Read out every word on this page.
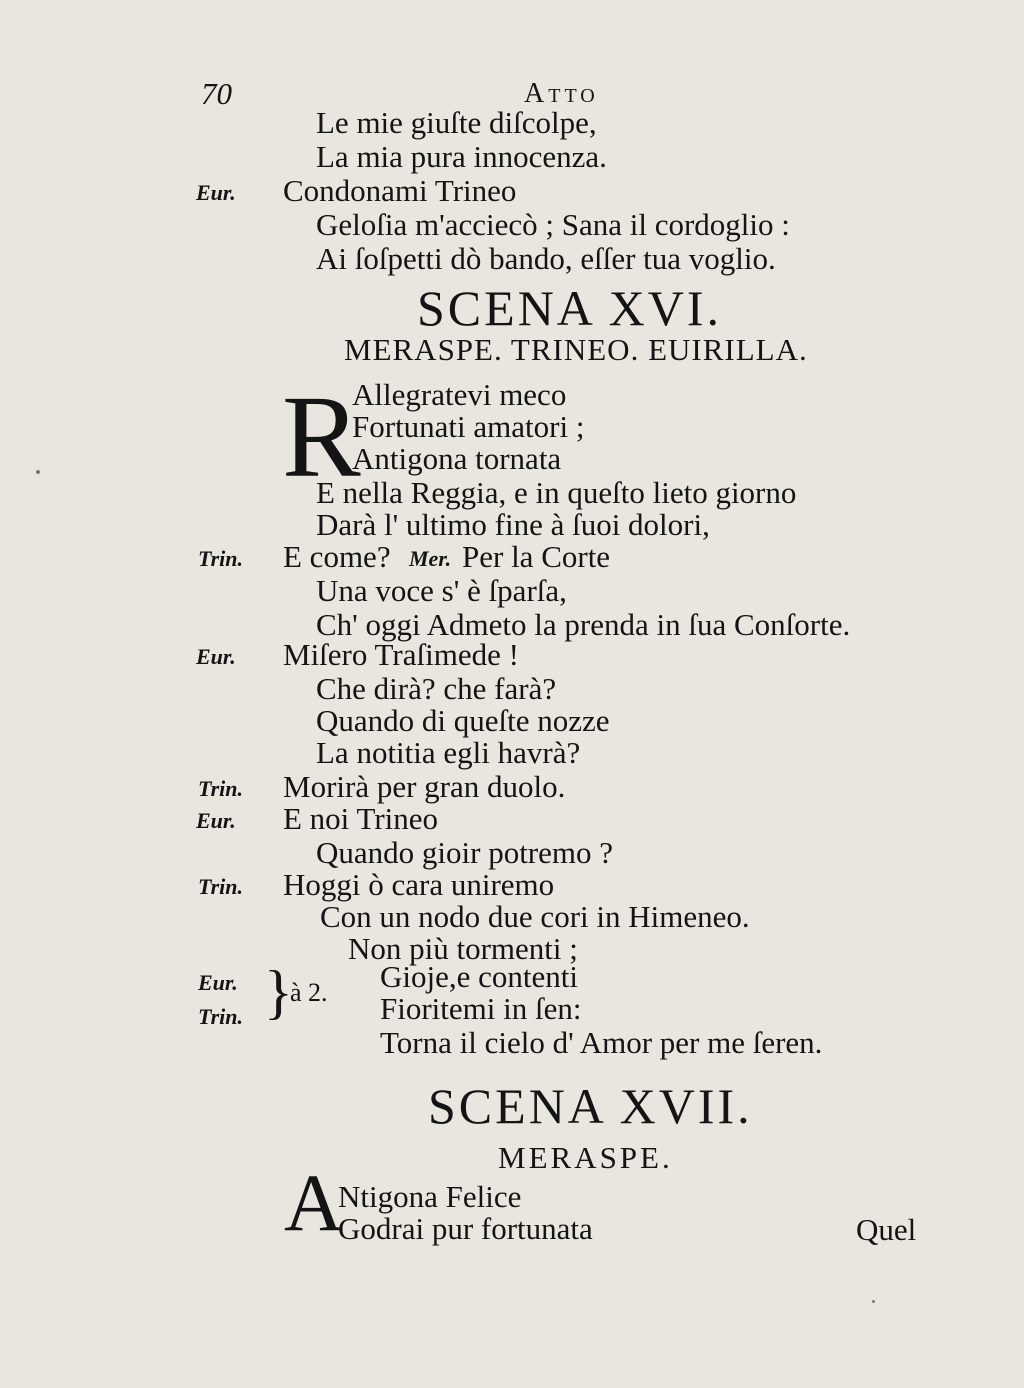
70	Atto
Le mie giuſte diſcolpe,
La mia pura innocenza.
Eur. Condonami Trineo
Geloſia m'acciecò ; Sana il cordoglio :
Ai ſoſpetti dò bando, eſſer tua voglio.
SCENA XVI.
MERASPE. TRINEO. EUIRILLA.
R
Allegratevi meco
Fortunati amatori ;
Antigona tornata
E nella Reggia, e in queſto lieto giorno
Darà l' ultimo fine à ſuoi dolori,
Trin. E come? Mer. Per la Corte
Una voce s' è ſparſa,
Ch' oggi Admeto la prenda in ſua Conſorte.
Eur. Miſero Traſimede !
Che dirà? che farà?
Quando di queſte nozze
La notitia egli havrà?
Trin. Morirà per gran duolo.
Eur. E noi Trineo
Quando gioir potremo ?
Trin. Hoggi ò cara uniremo
Con un nodo due cori in Himeneo.
Non più tormenti ;
Eur.
Trin. }
à 2. Gioje,e contenti
Fioritemi in ſen:
Torna il cielo d' Amor per me ſeren.
SCENA XVII.
MERASPE.
A
Ntigona Felice
Godrai pur fortunata	Quel
